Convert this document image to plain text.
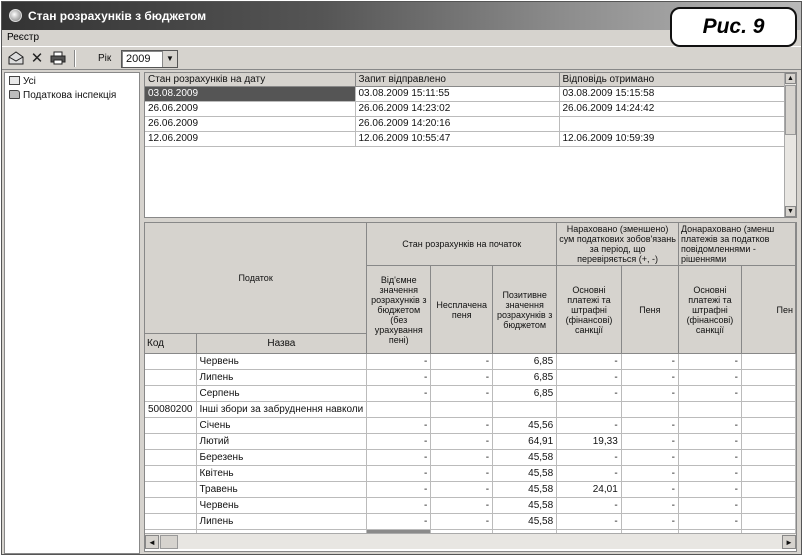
Стан розрахунків з бюджетом
Реєстр
✕	Рік 2009	▼
Усі
Податкова інспекція
Стан розрахунків на дату	Запит відправлено	Відповідь отримано
03.08.2009	03.08.2009 15:11:55	03.08.2009 15:15:58
26.06.2009	26.06.2009 14:23:02	26.06.2009 14:24:42
26.06.2009	26.06.2009 14:20:16	
12.06.2009	12.06.2009 10:55:47	12.06.2009 10:59:39

▲
▼
Податок		Стан розрахунків на початок			Нараховано (зменшено) сум податкових зобов'язань за період, що перевіряється (+, -)		Донараховано (зменш платежів за податков повідомленнями - рішеннями	
		Від'ємне значення розрахунків з бюджетом (без урахування пені)	Несплачена пеня	Позитивне значення розрахунків з бюджетом	Основні платежі та штрафні (фінансові) санкції	Пеня	Основні платежі та штрафні (фінансові) санкції	Пен
Код	Назва							
	Червень	-	-	6,85	-	-	-	
	Липень	-	-	6,85	-	-	-	
	Серпень	-	-	6,85	-	-	-	
50080200	Інші збори за забруднення навколи							
	Січень	-	-	45,56	-	-	-	
	Лютий	-	-	64,91	19,33	-	-	
	Березень	-	-	45,58	-	-	-	
	Квітень	-	-	45,58	-	-	-	
	Травень	-	-	45,58	24,01	-	-	
	Червень	-	-	45,58	-	-	-	
	Липень	-	-	45,58	-	-	-	

◄	►
Рис. 9
